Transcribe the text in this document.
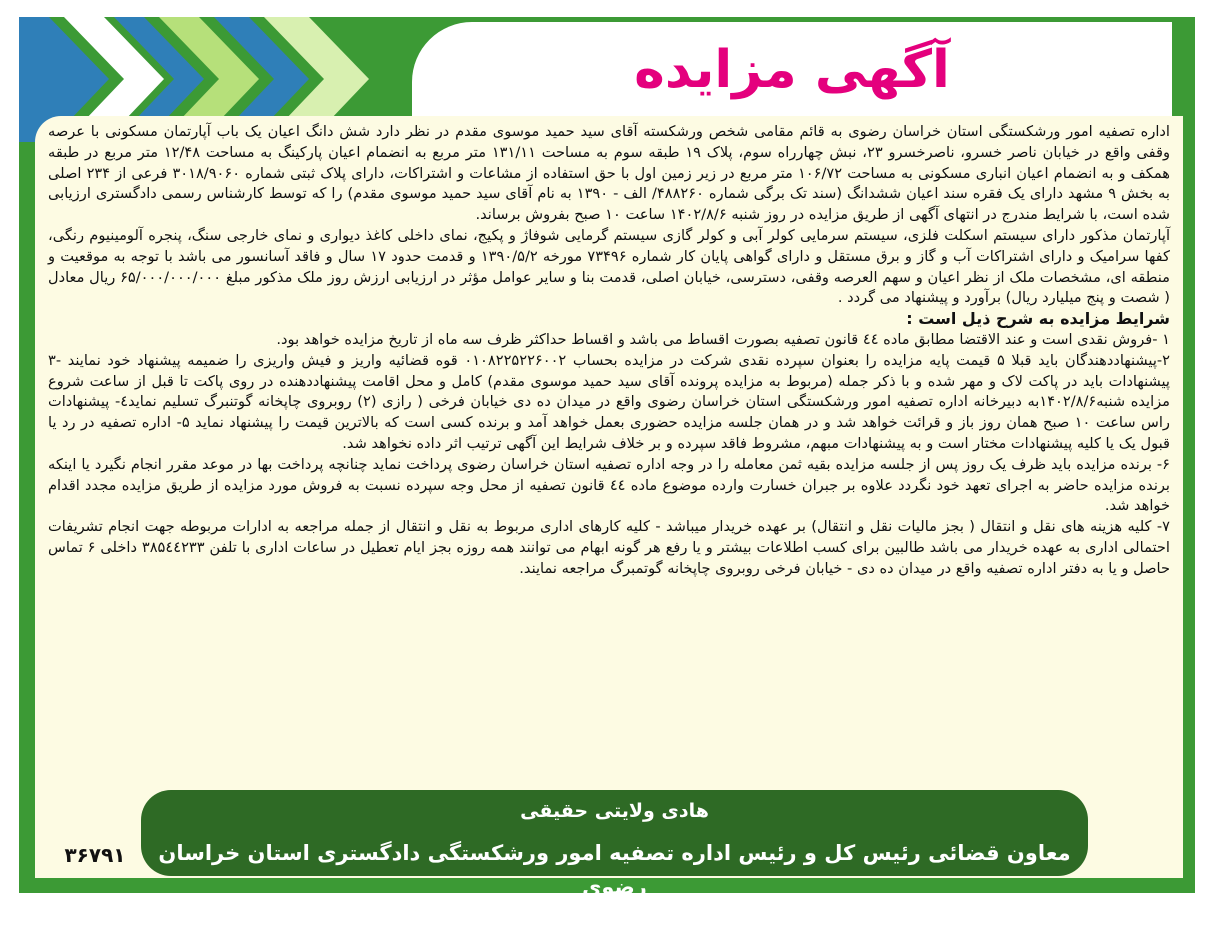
آگهی مزایده

اداره تصفیه امور ورشکستگی استان خراسان رضوی به قائم مقامی شخص ورشکسته آقای سید حمید موسوی مقدم در نظر دارد شش دانگ اعیان یک باب آپارتمان مسکونی با عرصه وقفی واقع در خیابان ناصر خسرو، ناصرخسرو ۲۳، نبش چهارراه سوم، پلاک ۱۹ طبقه سوم به مساحت ۱۳۱/۱۱ متر مربع به انضمام اعیان پارکینگ به مساحت ۱۲/۴۸ متر مربع در طبقه همکف و به انضمام اعیان انباری مسکونی به مساحت ۱۰۶/۷۲ متر مربع در زیر زمین اول با حق استفاده از مشاعات و اشتراکات، دارای پلاک ثبتی شماره ۳۰۱۸/۹۰۶۰ فرعی از ۲۳۴ اصلی به بخش ۹ مشهد دارای یک فقره سند اعیان ششدانگ (سند تک برگی شماره ۴۸۸۲۶۰/ الف - ۱۳۹۰ به نام آقای سید حمید موسوی مقدم) را که توسط کارشناس رسمی دادگستری ارزیابی شده است، با شرایط مندرج در انتهای آگهی از طریق مزایده در روز شنبه ۱۴۰۲/۸/۶ ساعت ۱۰ صبح بفروش برساند.

آپارتمان مذکور دارای سیستم اسکلت فلزی، سیستم سرمایی کولر آبی و کولر گازی سیستم گرمایی شوفاژ و پکیج، نمای داخلی کاغذ دیواری و نمای خارجی سنگ، پنجره آلومینیوم رنگی، کفها سرامیک و دارای اشتراکات آب و گاز و برق مستقل و دارای گواهی پایان کار شماره ۷۳۴۹۶ مورخه ۱۳۹۰/۵/۲ و قدمت حدود ۱۷ سال و فاقد آسانسور می باشد با توجه به موقعیت و منطقه ای، مشخصات ملک از نظر اعیان و سهم العرصه وقفی، دسترسی، خیابان اصلی، قدمت بنا و سایر عوامل مؤثر در ارزیابی ارزش روز ملک مذکور مبلغ ۶۵/۰۰۰/۰۰۰/۰۰۰ ریال معادل ( شصت و پنج میلیارد ریال) برآورد و پیشنهاد می گردد .

شرایط مزایده به شرح ذیل است :

۱ -فروش نقدی است و عند الاقتضا مطابق ماده ٤٤ قانون تصفیه بصورت اقساط می باشد و اقساط حداکثر ظرف سه ماه از تاریخ مزایده خواهد بود.

۲-پیشنهاددهندگان باید قبلا ۵ قیمت پایه مزایده را بعنوان سپرده نقدی شرکت در مزایده بحساب ۰۱۰۸۲۲۵۲۲۶۰۰۲ قوه قضائیه واریز و فیش واریزی را ضمیمه پیشنهاد خود نمایند -۳ پیشنهادات باید در پاکت لاک و مهر شده و با ذکر جمله (مربوط به مزایده پرونده آقای سید حمید موسوی مقدم) کامل و محل اقامت پیشنهاددهنده در روی پاکت تا قبل از ساعت شروع مزایده شنبه۱۴۰۲/۸/۶به دبیرخانه اداره تصفیه امور ورشکستگی استان خراسان رضوی واقع در میدان ده دی خیابان فرخی ( رازی (۲) روبروی چاپخانه گوتنبرگ تسلیم نماید٤- پیشنهادات راس ساعت ۱۰ صبح همان روز باز و قرائت خواهد شد و در همان جلسه مزایده حضوری بعمل خواهد آمد و برنده کسی است که بالاترین قیمت را پیشنهاد نماید ۵- اداره تصفیه در رد یا قبول یک یا کلیه پیشنهادات مختار است و به پیشنهادات مبهم، مشروط فاقد سپرده و بر خلاف شرایط این آگهی ترتیب اثر داده نخواهد شد.

۶- برنده مزایده باید ظرف یک روز پس از جلسه مزایده بقیه ثمن معامله را در وجه اداره تصفیه استان خراسان رضوی پرداخت نماید چنانچه پرداخت بها در موعد مقرر انجام نگیرد یا اینکه برنده مزایده حاضر به اجرای تعهد خود نگردد علاوه بر جبران خسارت وارده موضوع ماده ٤٤ قانون تصفیه از محل وجه سپرده نسبت به فروش مورد مزایده از طریق مزایده مجدد اقدام خواهد شد.

۷- کلیه هزینه های نقل و انتقال ( بجز مالیات نقل و انتقال) بر عهده خریدار میباشد - کلیه کارهای اداری مربوط به نقل و انتقال از جمله مراجعه به ادارات مربوطه جهت انجام تشریفات احتمالی اداری به عهده خریدار می باشد طالبین برای کسب اطلاعات بیشتر و یا رفع هر گونه ابهام می توانند همه روزه بجز ایام تعطیل در ساعات اداری با تلفن ۳۸۵٤٤۲۳۳ داخلی ۶ تماس حاصل و یا به دفتر اداره تصفیه واقع در میدان ده دی - خیابان فرخی روبروی چاپخانه گوتمبرگ مراجعه نمایند.

هادی ولایتی حقیقی
معاون قضائی رئیس کل و رئیس اداره تصفیه امور ورشکستگی دادگستری استان خراسان رضوی
۳۶۷۹۱
